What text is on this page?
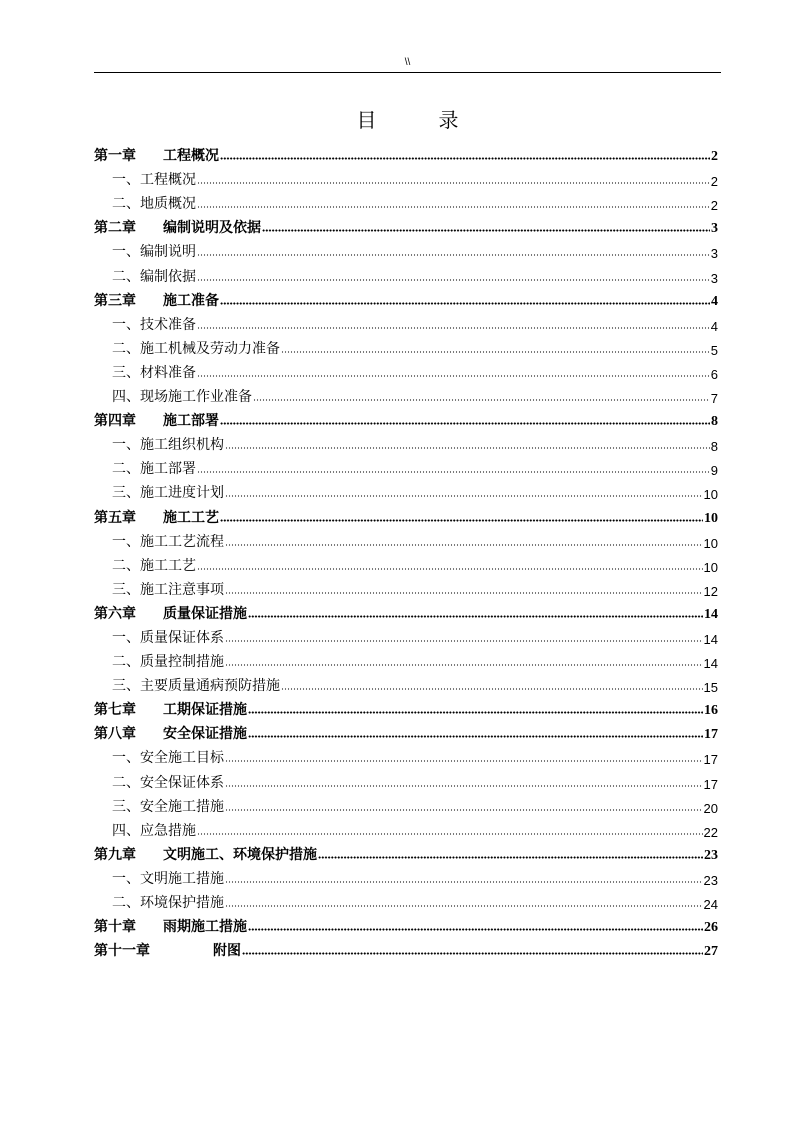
\\
目录
第一章	工程概况	2
一、工程概况	2
二、地质概况	2
第二章	编制说明及依据	3
一、编制说明	3
二、编制依据	3
第三章	施工准备	4
一、技术准备	4
二、施工机械及劳动力准备	5
三、材料准备	6
四、现场施工作业准备	7
第四章	施工部署	8
一、施工组织机构	8
二、施工部署	9
三、施工进度计划	10
第五章	施工工艺	10
一、施工工艺流程	10
二、施工工艺	10
三、施工注意事项	12
第六章	质量保证措施	14
一、质量保证体系	14
二、质量控制措施	14
三、主要质量通病预防措施	15
第七章	工期保证措施	16
第八章	安全保证措施	17
一、安全施工目标	17
二、安全保证体系	17
三、安全施工措施	20
四、应急措施	22
第九章	文明施工、环境保护措施	23
一、文明施工措施	23
二、环境保护措施	24
第十章	雨期施工措施	26
第十一章	附图	27
